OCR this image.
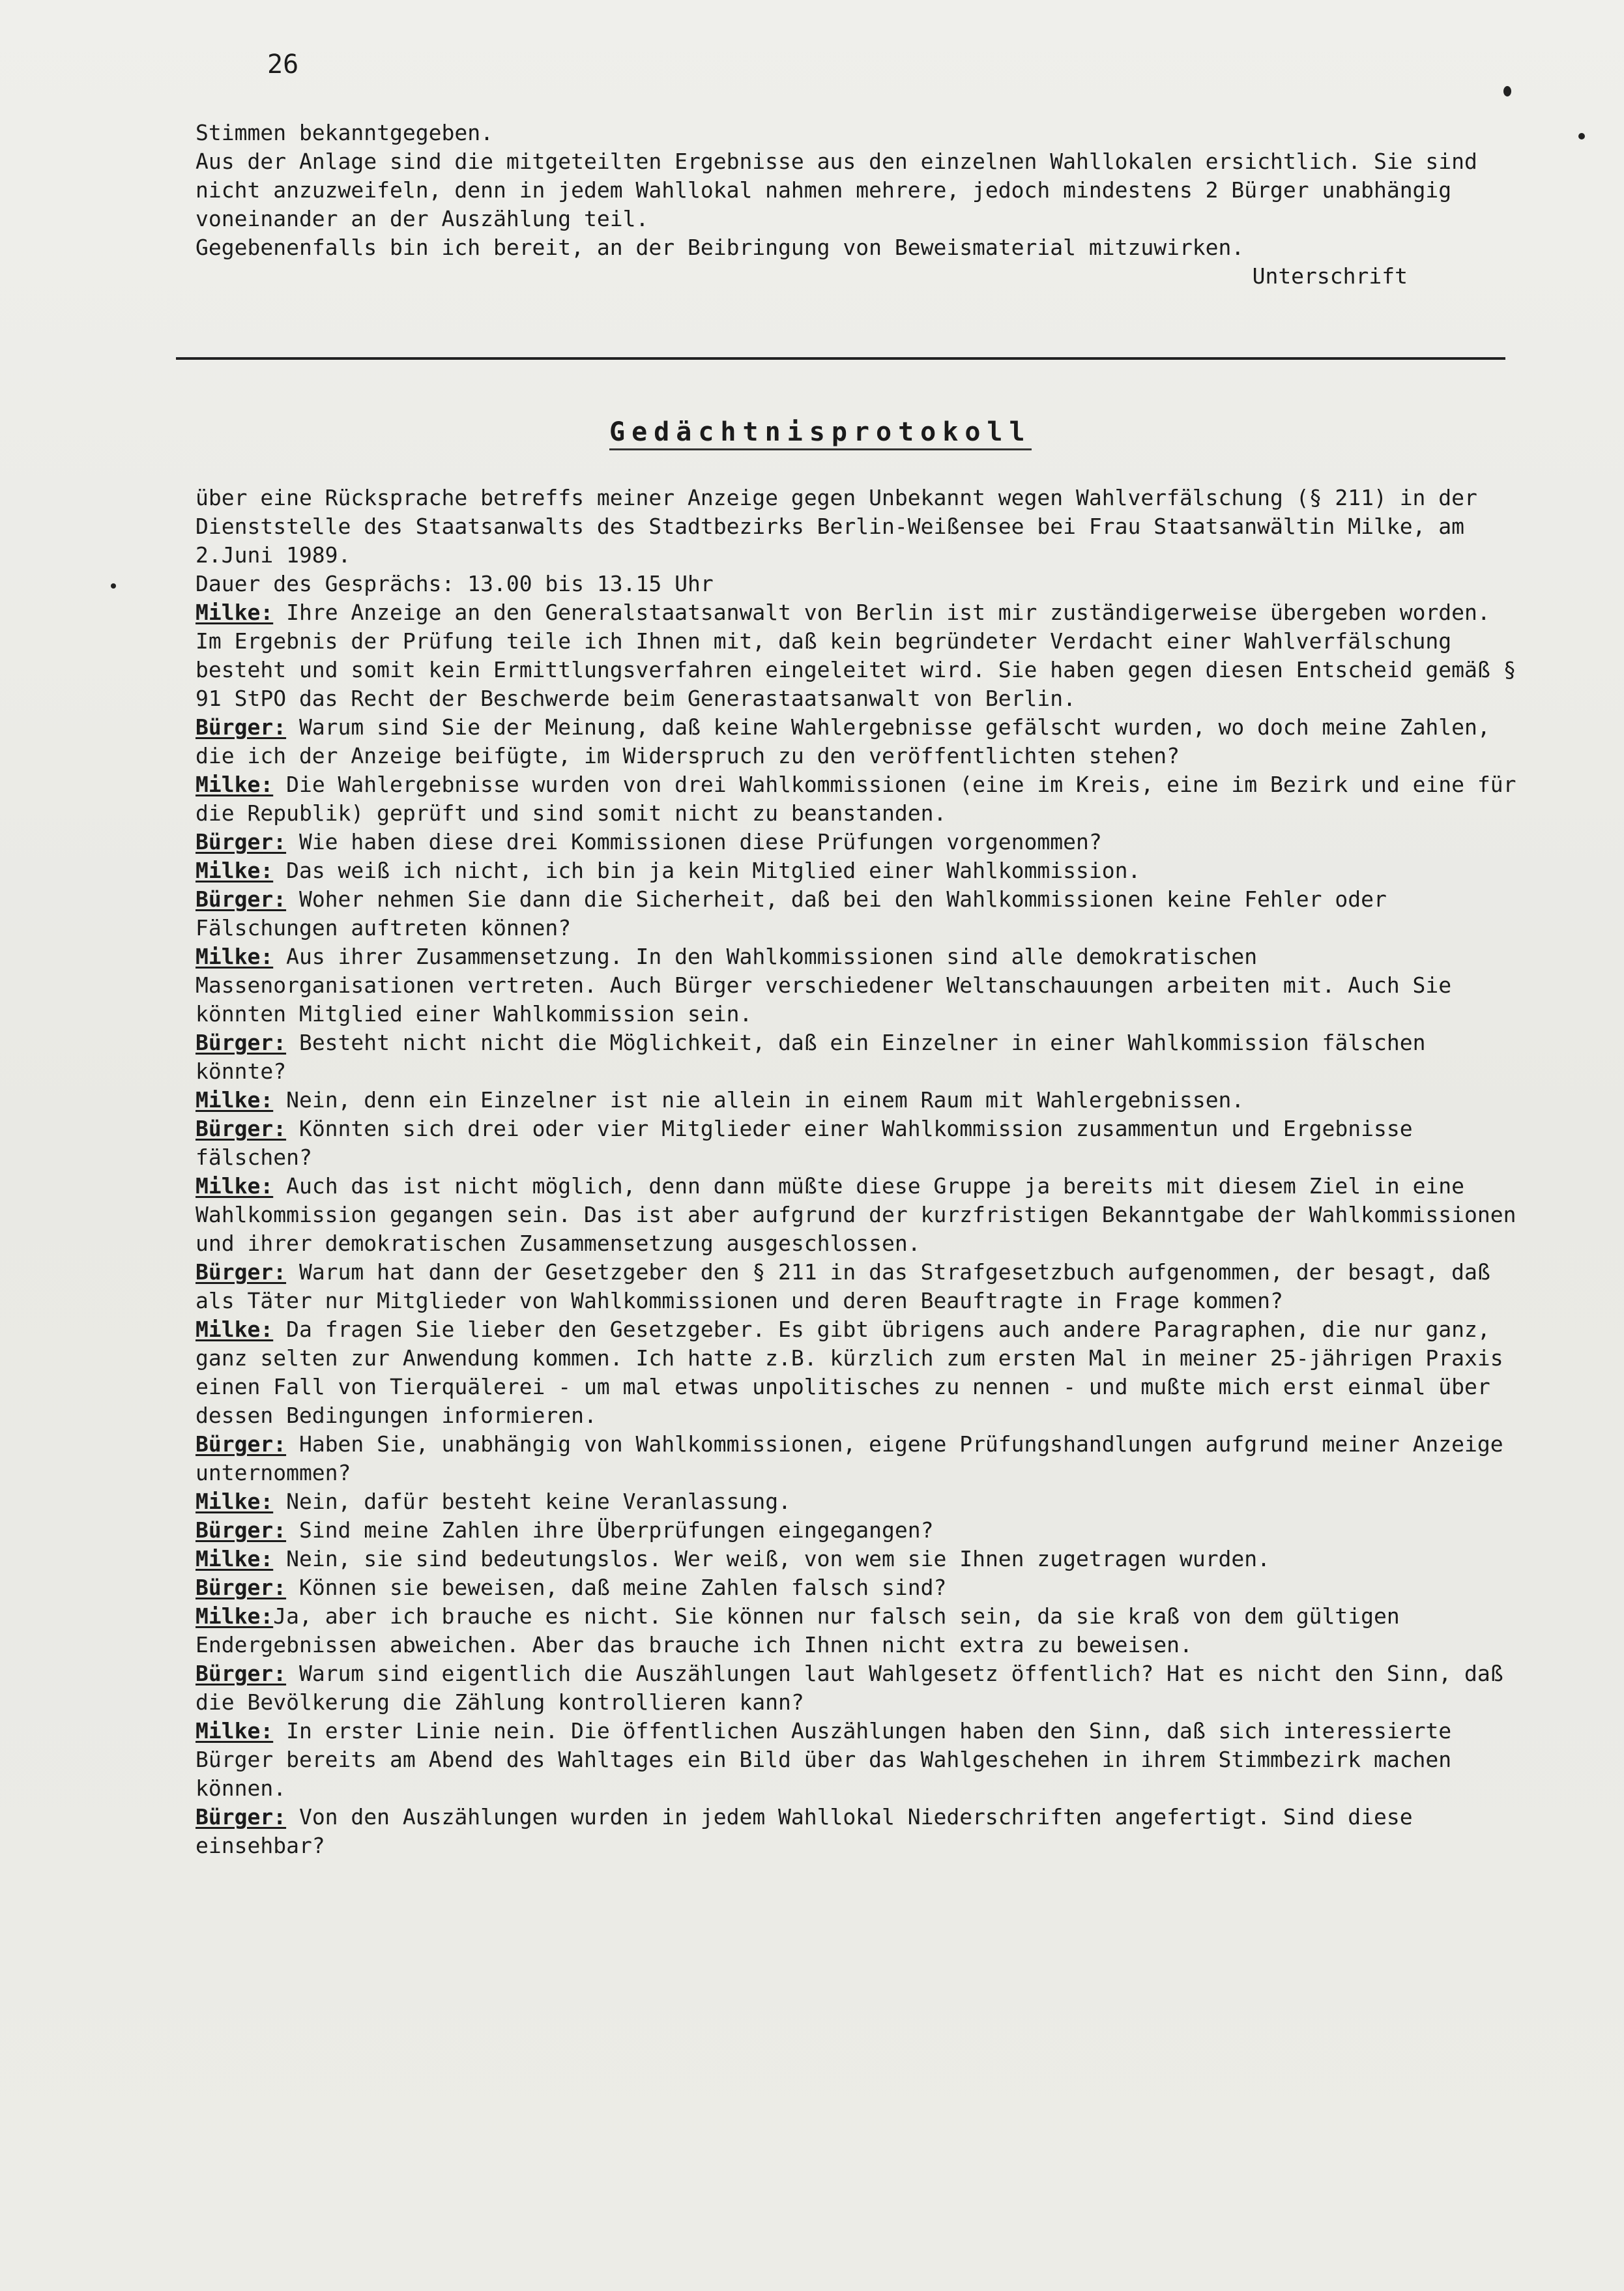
26

Stimmen bekanntgegeben.

Aus der Anlage sind die mitgeteilten Ergebnisse aus den einzelnen Wahllokalen ersichtlich. Sie sind nicht anzuzweifeln, denn in jedem Wahllokal nahmen mehrere, jedoch mindestens 2 Bürger unabhängig voneinander an der Auszählung teil.

Gegebenenfalls bin ich bereit, an der Beibringung von Beweismaterial mitzuwirken.

Unterschrift

Gedächtnisprotokoll

über eine Rücksprache betreffs meiner Anzeige gegen Unbekannt wegen Wahlverfälschung (§ 211) in der Dienststelle des Staatsanwalts des Stadtbezirks Berlin-Weißensee bei Frau Staatsanwältin Milke, am 2.Juni 1989.

Dauer des Gesprächs: 13.00 bis 13.15 Uhr

Milke: Ihre Anzeige an den Generalstaatsanwalt von Berlin ist mir zuständigerweise übergeben worden. Im Ergebnis der Prüfung teile ich Ihnen mit, daß kein begründeter Verdacht einer Wahlverfälschung besteht und somit kein Ermittlungsverfahren eingeleitet wird. Sie haben gegen diesen Entscheid gemäß § 91 StPO das Recht der Beschwerde beim Generastaatsanwalt von Berlin.

Bürger: Warum sind Sie der Meinung, daß keine Wahlergebnisse gefälscht wurden, wo doch meine Zahlen, die ich der Anzeige beifügte, im Widerspruch zu den veröffentlichten stehen?

Milke: Die Wahlergebnisse wurden von drei Wahlkommissionen (eine im Kreis, eine im Bezirk und eine für die Republik) geprüft und sind somit nicht zu beanstanden.

Bürger: Wie haben diese drei Kommissionen diese Prüfungen vorgenommen?

Milke: Das weiß ich nicht, ich bin ja kein Mitglied einer Wahlkommission.

Bürger: Woher nehmen Sie dann die Sicherheit, daß bei den Wahlkommissionen keine Fehler oder Fälschungen auftreten können?

Milke: Aus ihrer Zusammensetzung. In den Wahlkommissionen sind alle demokratischen Massenorganisationen vertreten. Auch Bürger verschiedener Weltanschauungen arbeiten mit. Auch Sie könnten Mitglied einer Wahlkommission sein.

Bürger: Besteht nicht nicht die Möglichkeit, daß ein Einzelner in einer Wahlkommission fälschen könnte?

Milke: Nein, denn ein Einzelner ist nie allein in einem Raum mit Wahlergebnissen.

Bürger: Könnten sich drei oder vier Mitglieder einer Wahlkommission zusammentun und Ergebnisse fälschen?

Milke: Auch das ist nicht möglich, denn dann müßte diese Gruppe ja bereits mit diesem Ziel in eine Wahlkommission gegangen sein. Das ist aber aufgrund der kurzfristigen Bekanntgabe der Wahlkommissionen und ihrer demokratischen Zusammensetzung ausgeschlossen.

Bürger: Warum hat dann der Gesetzgeber den § 211 in das Strafgesetzbuch aufgenommen, der besagt, daß als Täter nur Mitglieder von Wahlkommissionen und deren Beauftragte in Frage kommen?

Milke: Da fragen Sie lieber den Gesetzgeber. Es gibt übrigens auch andere Paragraphen, die nur ganz, ganz selten zur Anwendung kommen. Ich hatte z.B. kürzlich zum ersten Mal in meiner 25-jährigen Praxis einen Fall von Tierquälerei - um mal etwas unpolitisches zu nennen - und mußte mich erst einmal über dessen Bedingungen informieren.

Bürger: Haben Sie, unabhängig von Wahlkommissionen, eigene Prüfungshandlungen aufgrund meiner Anzeige unternommen?

Milke: Nein, dafür besteht keine Veranlassung.

Bürger: Sind meine Zahlen ihre Überprüfungen eingegangen?

Milke: Nein, sie sind bedeutungslos. Wer weiß, von wem sie Ihnen zugetragen wurden.

Bürger: Können sie beweisen, daß meine Zahlen falsch sind?

Milke:Ja, aber ich brauche es nicht. Sie können nur falsch sein, da sie kraß von dem gültigen Endergebnissen abweichen. Aber das brauche ich Ihnen nicht extra zu beweisen.

Bürger: Warum sind eigentlich die Auszählungen laut Wahlgesetz öffentlich? Hat es nicht den Sinn, daß die Bevölkerung die Zählung kontrollieren kann?

Milke: In erster Linie nein. Die öffentlichen Auszählungen haben den Sinn, daß sich interessierte Bürger bereits am Abend des Wahltages ein Bild über das Wahlgeschehen in ihrem Stimmbezirk machen können.

Bürger: Von den Auszählungen wurden in jedem Wahllokal Niederschriften angefertigt. Sind diese einsehbar?
